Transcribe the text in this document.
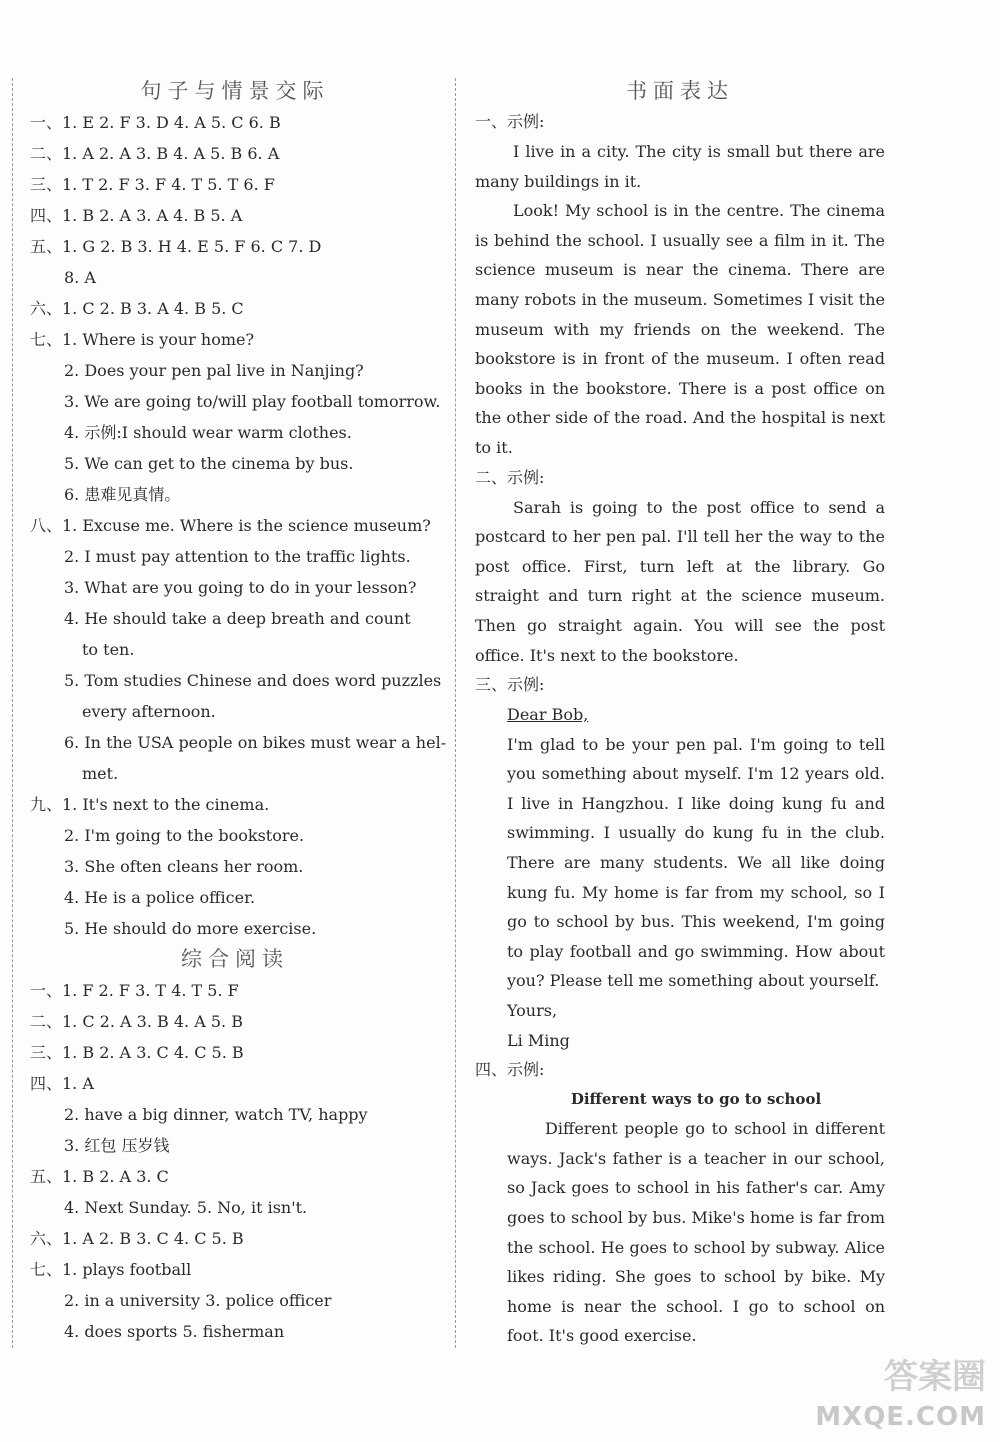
句子与情景交际
一、1. E 2. F 3. D 4. A 5. C 6. B
二、1. A 2. A 3. B 4. A 5. B 6. A
三、1. T 2. F 3. F 4. T 5. T 6. F
四、1. B 2. A 3. A 4. B 5. A
五、1. G 2. B 3. H 4. E 5. F 6. C 7. D
8. A
六、1. C 2. B 3. A 4. B 5. C
七、1. Where is your home?
2. Does your pen pal live in Nanjing?
3. We are going to/will play football tomorrow.
4. 示例:I should wear warm clothes.
5. We can get to the cinema by bus.
6. 患难见真情。
八、1. Excuse me. Where is the science museum?
2. I must pay attention to the traffic lights.
3. What are you going to do in your lesson?
4. He should take a deep breath and count
to ten.
5. Tom studies Chinese and does word puzzles
every afternoon.
6. In the USA people on bikes must wear a hel-
met.
九、1. It's next to the cinema.
2. I'm going to the bookstore.
3. She often cleans her room.
4. He is a police officer.
5. He should do more exercise.
综合阅读
一、1. F 2. F 3. T 4. T 5. F
二、1. C 2. A 3. B 4. A 5. B
三、1. B 2. A 3. C 4. C 5. B
四、1. A
2. have a big dinner, watch TV, happy
3. 红包 压岁钱
五、1. B 2. A 3. C
4. Next Sunday. 5. No, it isn't.
六、1. A 2. B 3. C 4. C 5. B
七、1. plays football
2. in a university 3. police officer
4. does sports 5. fisherman
书面表达
一、示例:
I live in a city. The city is small but there are many buildings in it.
Look! My school is in the centre. The cinema is behind the school. I usually see a film in it. The science museum is near the cinema. There are many robots in the museum. Sometimes I visit the museum with my friends on the weekend. The bookstore is in front of the museum. I often read books in the bookstore. There is a post office on the other side of the road. And the hospital is next to it.
二、示例:
Sarah is going to the post office to send a postcard to her pen pal. I'll tell her the way to the post office. First, turn left at the library. Go straight and turn right at the science museum. Then go straight again. You will see the post office. It's next to the bookstore.
三、示例:
Dear Bob,
I'm glad to be your pen pal. I'm going to tell you something about myself. I'm 12 years old. I live in Hangzhou. I like doing kung fu and swimming. I usually do kung fu in the club. There are many students. We all like doing kung fu. My home is far from my school, so I go to school by bus. This weekend, I'm going to play football and go swimming. How about you? Please tell me something about yourself.
Yours,
Li Ming
四、示例:
Different ways to go to school
Different people go to school in different ways. Jack's father is a teacher in our school, so Jack goes to school in his father's car. Amy goes to school by bus. Mike's home is far from the school. He goes to school by subway. Alice likes riding. She goes to school by bike. My home is near the school. I go to school on foot. It's good exercise.
答案圈
MXQE.COM
